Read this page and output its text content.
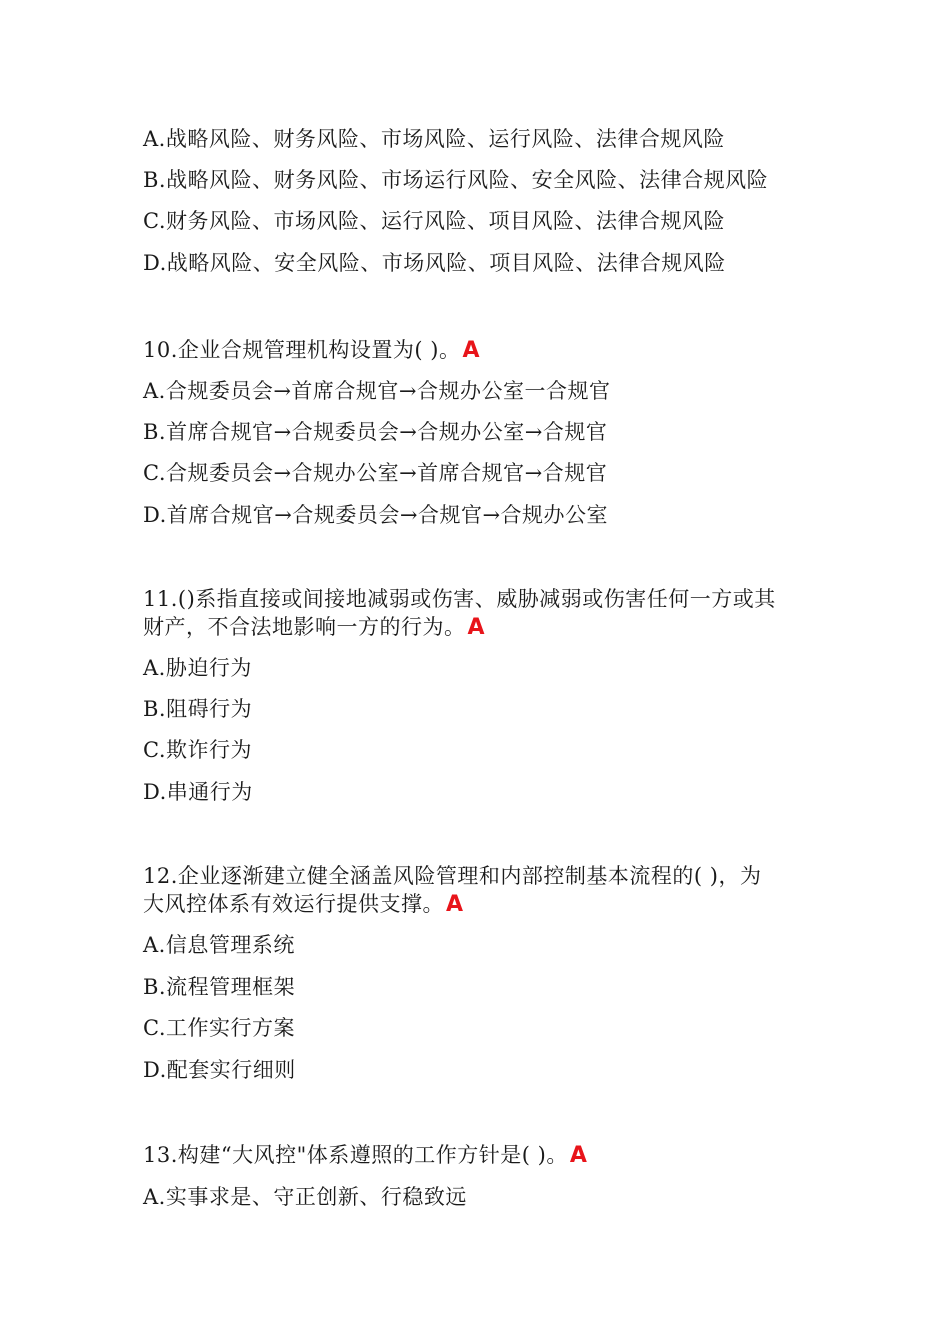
A.战略风险、财务风险、市场风险、运行风险、法律合规风险
B.战略风险、财务风险、市场运行风险、安全风险、法律合规风险
C.财务风险、市场风险、运行风险、项目风险、法律合规风险
D.战略风险、安全风险、市场风险、项目风险、法律合规风险
10.企业合规管理机构设置为( )。A
A.合规委员会→首席合规官→合规办公室一合规官
B.首席合规官→合规委员会→合规办公室→合规官
C.合规委员会→合规办公室→首席合规官→合规官
D.首席合规官→合规委员会→合规官→合规办公室
11.()系指直接或间接地减弱或伤害、威胁减弱或伤害任何一方或其
财产，不合法地影响一方的行为。A
A.胁迫行为
B.阻碍行为
C.欺诈行为
D.串通行为
12.企业逐渐建立健全涵盖风险管理和内部控制基本流程的( )，为
大风控体系有效运行提供支撑。A
A.信息管理系统
B.流程管理框架
C.工作实行方案
D.配套实行细则
13.构建“大风控"体系遵照的工作方针是( )。A
A.实事求是、守正创新、行稳致远
